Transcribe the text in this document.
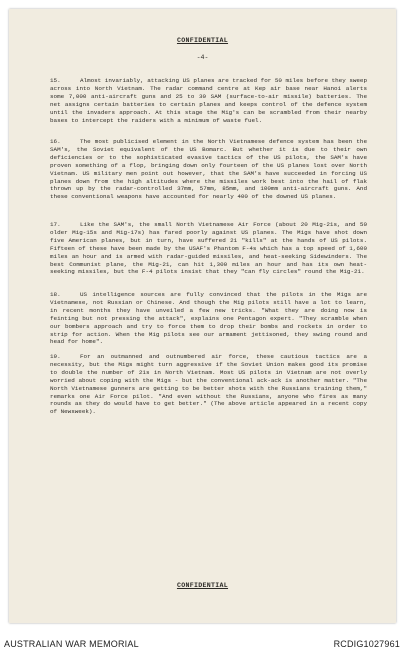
CONFIDENTIAL
-4-

15.	Almost invariably, attacking US planes are tracked for 50 miles before they sweep across into North Vietnam. The radar command centre at Kep air base near Hanoi alerts some 7,000 anti-aircraft guns and 25 to 30 SAM (surface-to-air missile) batteries. The net assigns certain batteries to certain planes and keeps control of the defence system until the invaders approach. At this stage the Mig's can be scrambled from their nearby bases to intercept the raiders with a minimum of waste fuel.

16.	The most publicised element in the North Vietnamese defence system has been the SAM's, the Soviet equivalent of the US Bomarc. But whether it is due to their own deficiencies or to the sophisticated evasive tactics of the US pilots, the SAM's have proven something of a flop, bringing down only fourteen of the US planes lost over North Vietnam. US military men point out however, that the SAM's have succeeded in forcing US planes down from the high altitudes where the missiles work best into the hail of flak thrown up by the radar-controlled 37mm, 57mm, 85mm, and 100mm anti-aircraft guns. And these conventional weapons have accounted for nearly 400 of the downed US planes.

17.	Like the SAM's, the small North Vietnamese Air Force (about 20 Mig-21s, and 50 older Mig-15s and Mig-17s) has fared poorly against US planes. The Migs have shot down five American planes, but in turn, have suffered 21 "kills" at the hands of US pilots. Fifteen of these have been made by the USAF's Phantom F-4s which has a top speed of 1,600 miles an hour and is armed with radar-guided missiles, and heat-seeking Sidewinders. The best Communist plane, the Mig-21, can hit 1,300 miles an hour and has its own heat-seeking missiles, but the F-4 pilots insist that they "can fly circles" round the Mig-21.

18.	US intelligence sources are fully convinced that the pilots in the Migs are Vietnamese, not Russian or Chinese. And though the Mig pilots still have a lot to learn, in recent months they have unveiled a few new tricks. "What they are doing now is feinting but not pressing the attack", explains one Pentagon expert. "They scramble when our bombers approach and try to force them to drop their bombs and rockets in order to strip for action. When the Mig pilots see our armament jettisoned, they swing round and head for home".

19.	For an outmanned and outnumbered air force, these cautious tactics are a necessity, but the Migs might turn aggressive if the Soviet Union makes good its promise to double the number of 21s in North Vietnam. Most US pilots in Vietnam are not overly worried about coping with the Migs - but the conventional ack-ack is another matter. "The North Vietnamese gunners are getting to be better shots with the Russians training them," remarks one Air Force pilot. "And even without the Russians, anyone who fires as many rounds as they do would have to get better." (The above article appeared in a recent copy of Newsweek).

CONFIDENTIAL
AUSTRALIAN WAR MEMORIAL	RCDIG1027961
